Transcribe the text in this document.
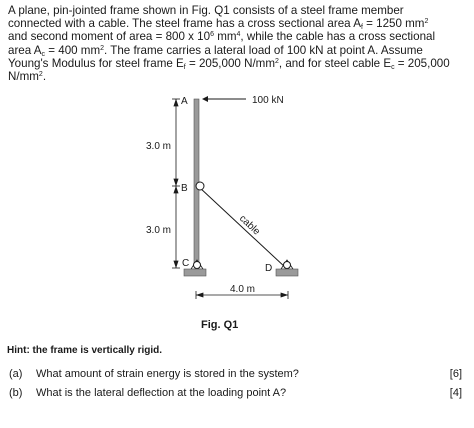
A plane, pin-jointed frame shown in Fig. Q1 consists of a steel frame member
connected with a cable. The steel frame has a cross sectional area $A_f = 1250$ $mm^2$
and second moment of area = 800 x $10^6$ $mm^4$, while the cable has a cross sectional
area $A_c = 400$ $mm^2$. The frame carries a lateral load of 100 kN at point A. Assume
Young's Modulus for steel frame $E_f = 205,000$ $N/mm^2$, and for steel cable $E_c = 205,000$
$N/mm^2$.
100 kN
A
B
C	D
3.0 m
3.0 m	cable
4.0 m
Fig. Q1
Hint: the frame is vertically rigid.
(a) What amount of strain energy is stored in the system?	[6]
(b) What is the lateral deflection at the loading point A?	[4]
